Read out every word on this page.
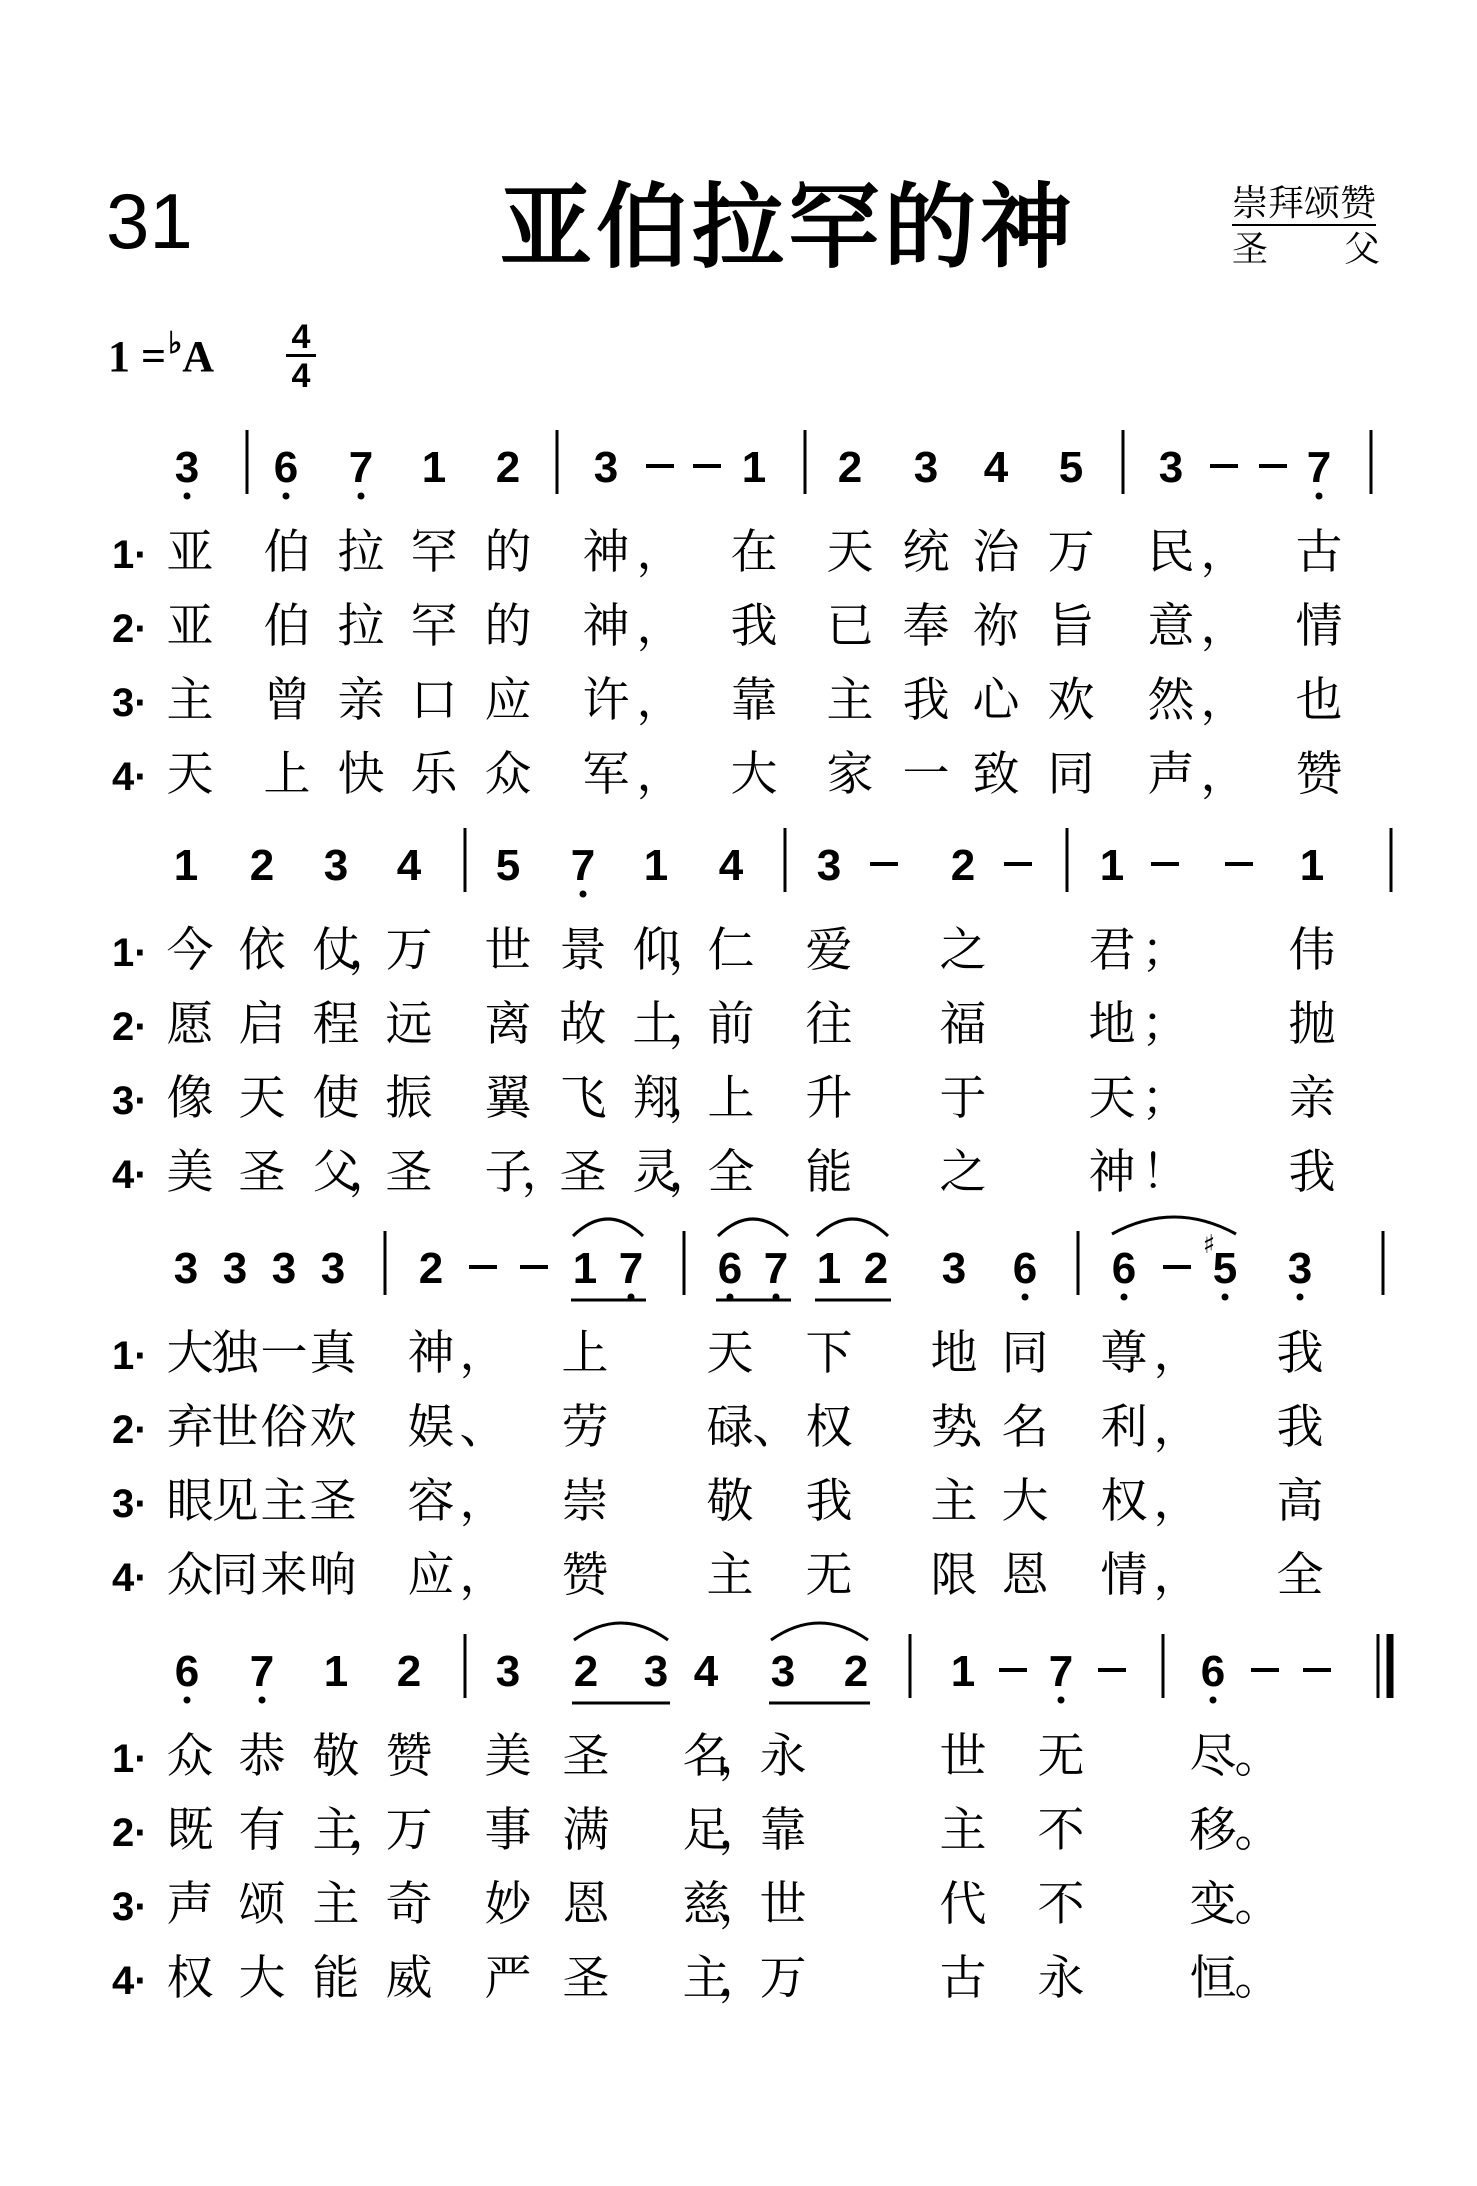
31	亚伯拉罕的神	崇拜颂赞
圣 父
$1 =^♭A \frac{4}{4}$
3 6 7 1 2 3	1 2 3 4 5 3	7
1· 亚 伯 拉 罕 的 神 ， 在 天 统 治 万 民 ， 古
2· 亚 伯 拉 罕 的 神 ， 我 已 奉 祢 旨 意 ， 情
3· 主 曾 亲 口 应 许 ， 靠 主 我 心 欢 然 ， 也
4· 天 上 快 乐 众 军 ， 大 家 一 致 同 声 ， 赞
1 2 3 4 5 7 1 4 3 2	1	1
1· 今 依 仗
，
万 世 景 仰
，
仁 爱 之 君 ； 伟
2· 愿 启 程 远 离 故 土
，
前 往 福 地 ； 抛
3· 像 天 使 振 翼 飞 翔
，
上 升 于 天 ； 亲
4· 美 圣 父
，
圣 子
，
圣 灵
，
全 能 之 神 ！ 我
3 3 3 3 2	1 7 6 7 1 2 3 6 6 5
♯ 3
1· 大
独 一 真 神 ， 上 天 下 地 同 尊 ， 我
2· 弃
世 俗 欢 娱 、 劳 碌 、 权 势
、
名 利 ， 我
3· 眼
见 主 圣 容 ， 崇 敬 我 主 大 权 ， 高
4· 众
同 来 响 应 ， 赞 主 无 限 恩 情 ， 全
6 7 1 2 3 2 3 4 3 2 1 7	6
1· 众 恭 敬 赞 美 圣 名
，
永	世 无 尽
。
2· 既 有 主
，
万 事 满 足
，
靠	主 不 移
。
3· 声 颂 主 奇 妙 恩 慈
，
世	代 不 变
。
4· 权 大 能 威 严 圣 主
，
万	古 永 恒
。
